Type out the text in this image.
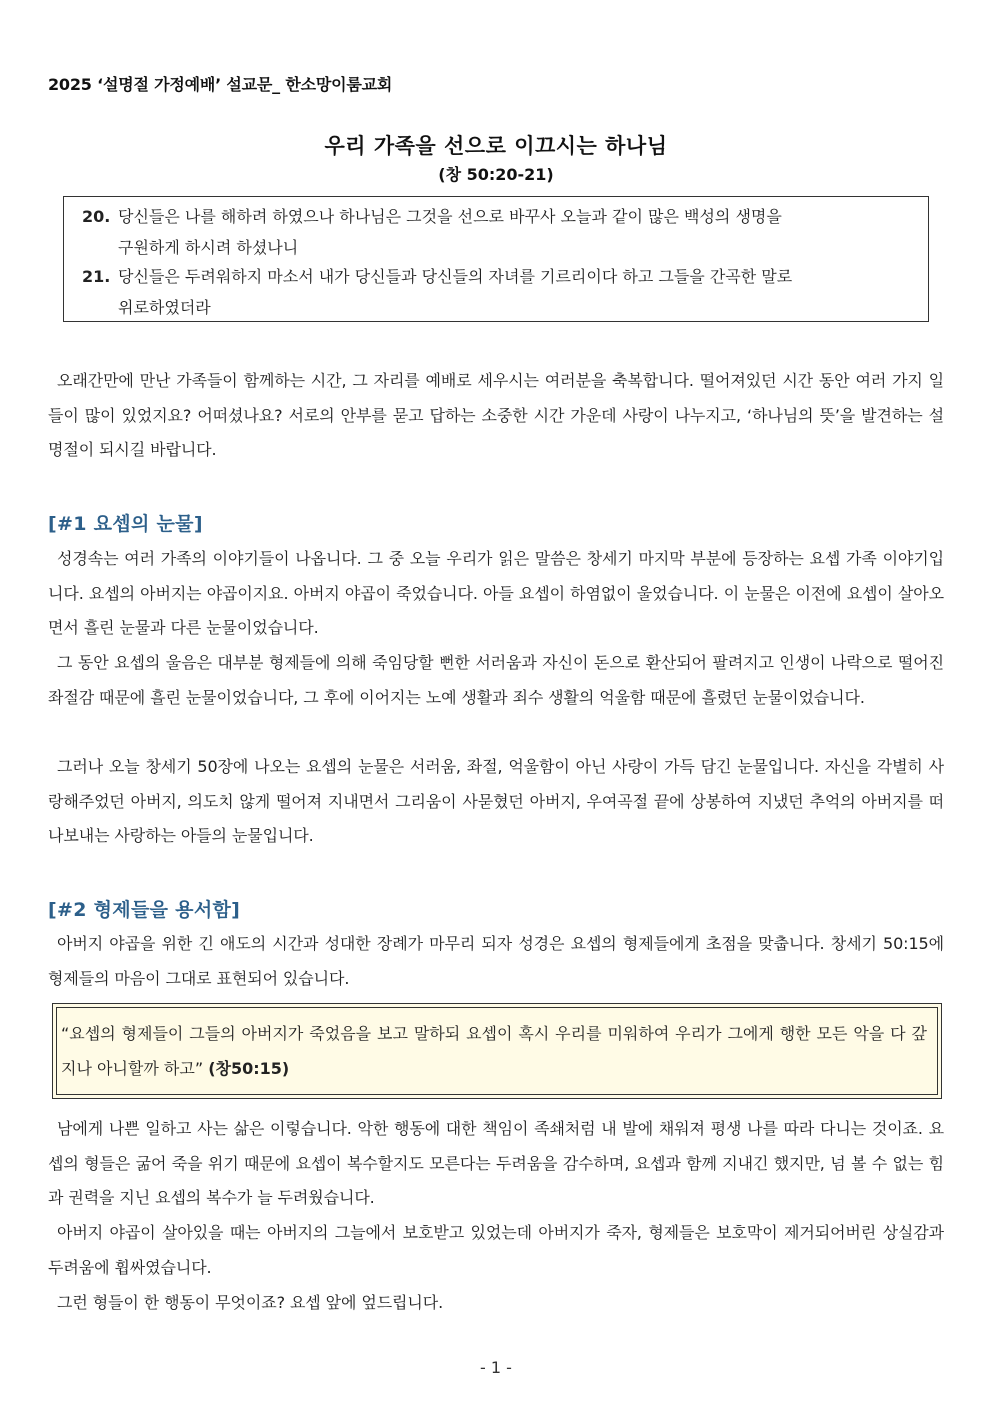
2025 ‘설명절 가정예배’ 설교문_ 한소망이룸교회
우리 가족을 선으로 이끄시는 하나님
(창 50:20-21)
20. 당신들은 나를 해하려 하였으나 하나님은 그것을 선으로 바꾸사 오늘과 같이 많은 백성의 생명을
구원하게 하시려 하셨나니
21. 당신들은 두려워하지 마소서 내가 당신들과 당신들의 자녀를 기르리이다 하고 그들을 간곡한 말로
위로하였더라
오래간만에 만난 가족들이 함께하는 시간, 그 자리를 예배로 세우시는 여러분을 축복합니다. 떨어져있던 시간 동안 여러 가지 일들이 많이 있었지요? 어떠셨나요? 서로의 안부를 묻고 답하는 소중한 시간 가운데 사랑이 나누지고, ‘하나님의 뜻’을 발견하는 설 명절이 되시길 바랍니다.
[#1 요셉의 눈물]
성경속는 여러 가족의 이야기들이 나옵니다. 그 중 오늘 우리가 읽은 말씀은 창세기 마지막 부분에 등장하는 요셉 가족 이야기입니다. 요셉의 아버지는 야곱이지요. 아버지 야곱이 죽었습니다. 아들 요셉이 하염없이 울었습니다. 이 눈물은 이전에 요셉이 살아오면서 흘린 눈물과 다른 눈물이었습니다.
그 동안 요셉의 울음은 대부분 형제들에 의해 죽임당할 뻔한 서러움과 자신이 돈으로 환산되어 팔려지고 인생이 나락으로 떨어진 좌절감 때문에 흘린 눈물이었습니다, 그 후에 이어지는 노예 생활과 죄수 생활의 억울함 때문에 흘렸던 눈물이었습니다.
그러나 오늘 창세기 50장에 나오는 요셉의 눈물은 서러움, 좌절, 억울함이 아닌 사랑이 가득 담긴 눈물입니다. 자신을 각별히 사랑해주었던 아버지, 의도치 않게 떨어져 지내면서 그리움이 사묻혔던 아버지, 우여곡절 끝에 상봉하여 지냈던 추억의 아버지를 떠나보내는 사랑하는 아들의 눈물입니다.
[#2 형제들을 용서함]
아버지 야곱을 위한 긴 애도의 시간과 성대한 장례가 마무리 되자 성경은 요셉의 형제들에게 초점을 맞춥니다. 창세기 50:15에 형제들의 마음이 그대로 표현되어 있습니다.
“요셉의 형제들이 그들의 아버지가 죽었음을 보고 말하되 요셉이 혹시 우리를 미워하여 우리가 그에게 행한 모든 악을 다 갚지나 아니할까 하고” (창50:15)
남에게 나쁜 일하고 사는 삶은 이렇습니다. 악한 행동에 대한 책임이 족쇄처럼 내 발에 채워져 평생 나를 따라 다니는 것이죠. 요셉의 형들은 굶어 죽을 위기 때문에 요셉이 복수할지도 모른다는 두려움을 감수하며, 요셉과 함께 지내긴 했지만, 넘 볼 수 없는 힘과 권력을 지닌 요셉의 복수가 늘 두려웠습니다.
아버지 야곱이 살아있을 때는 아버지의 그늘에서 보호받고 있었는데 아버지가 죽자, 형제들은 보호막이 제거되어버린 상실감과 두려움에 휩싸였습니다.
그런 형들이 한 행동이 무엇이죠? 요셉 앞에 엎드립니다.
- 1 -
